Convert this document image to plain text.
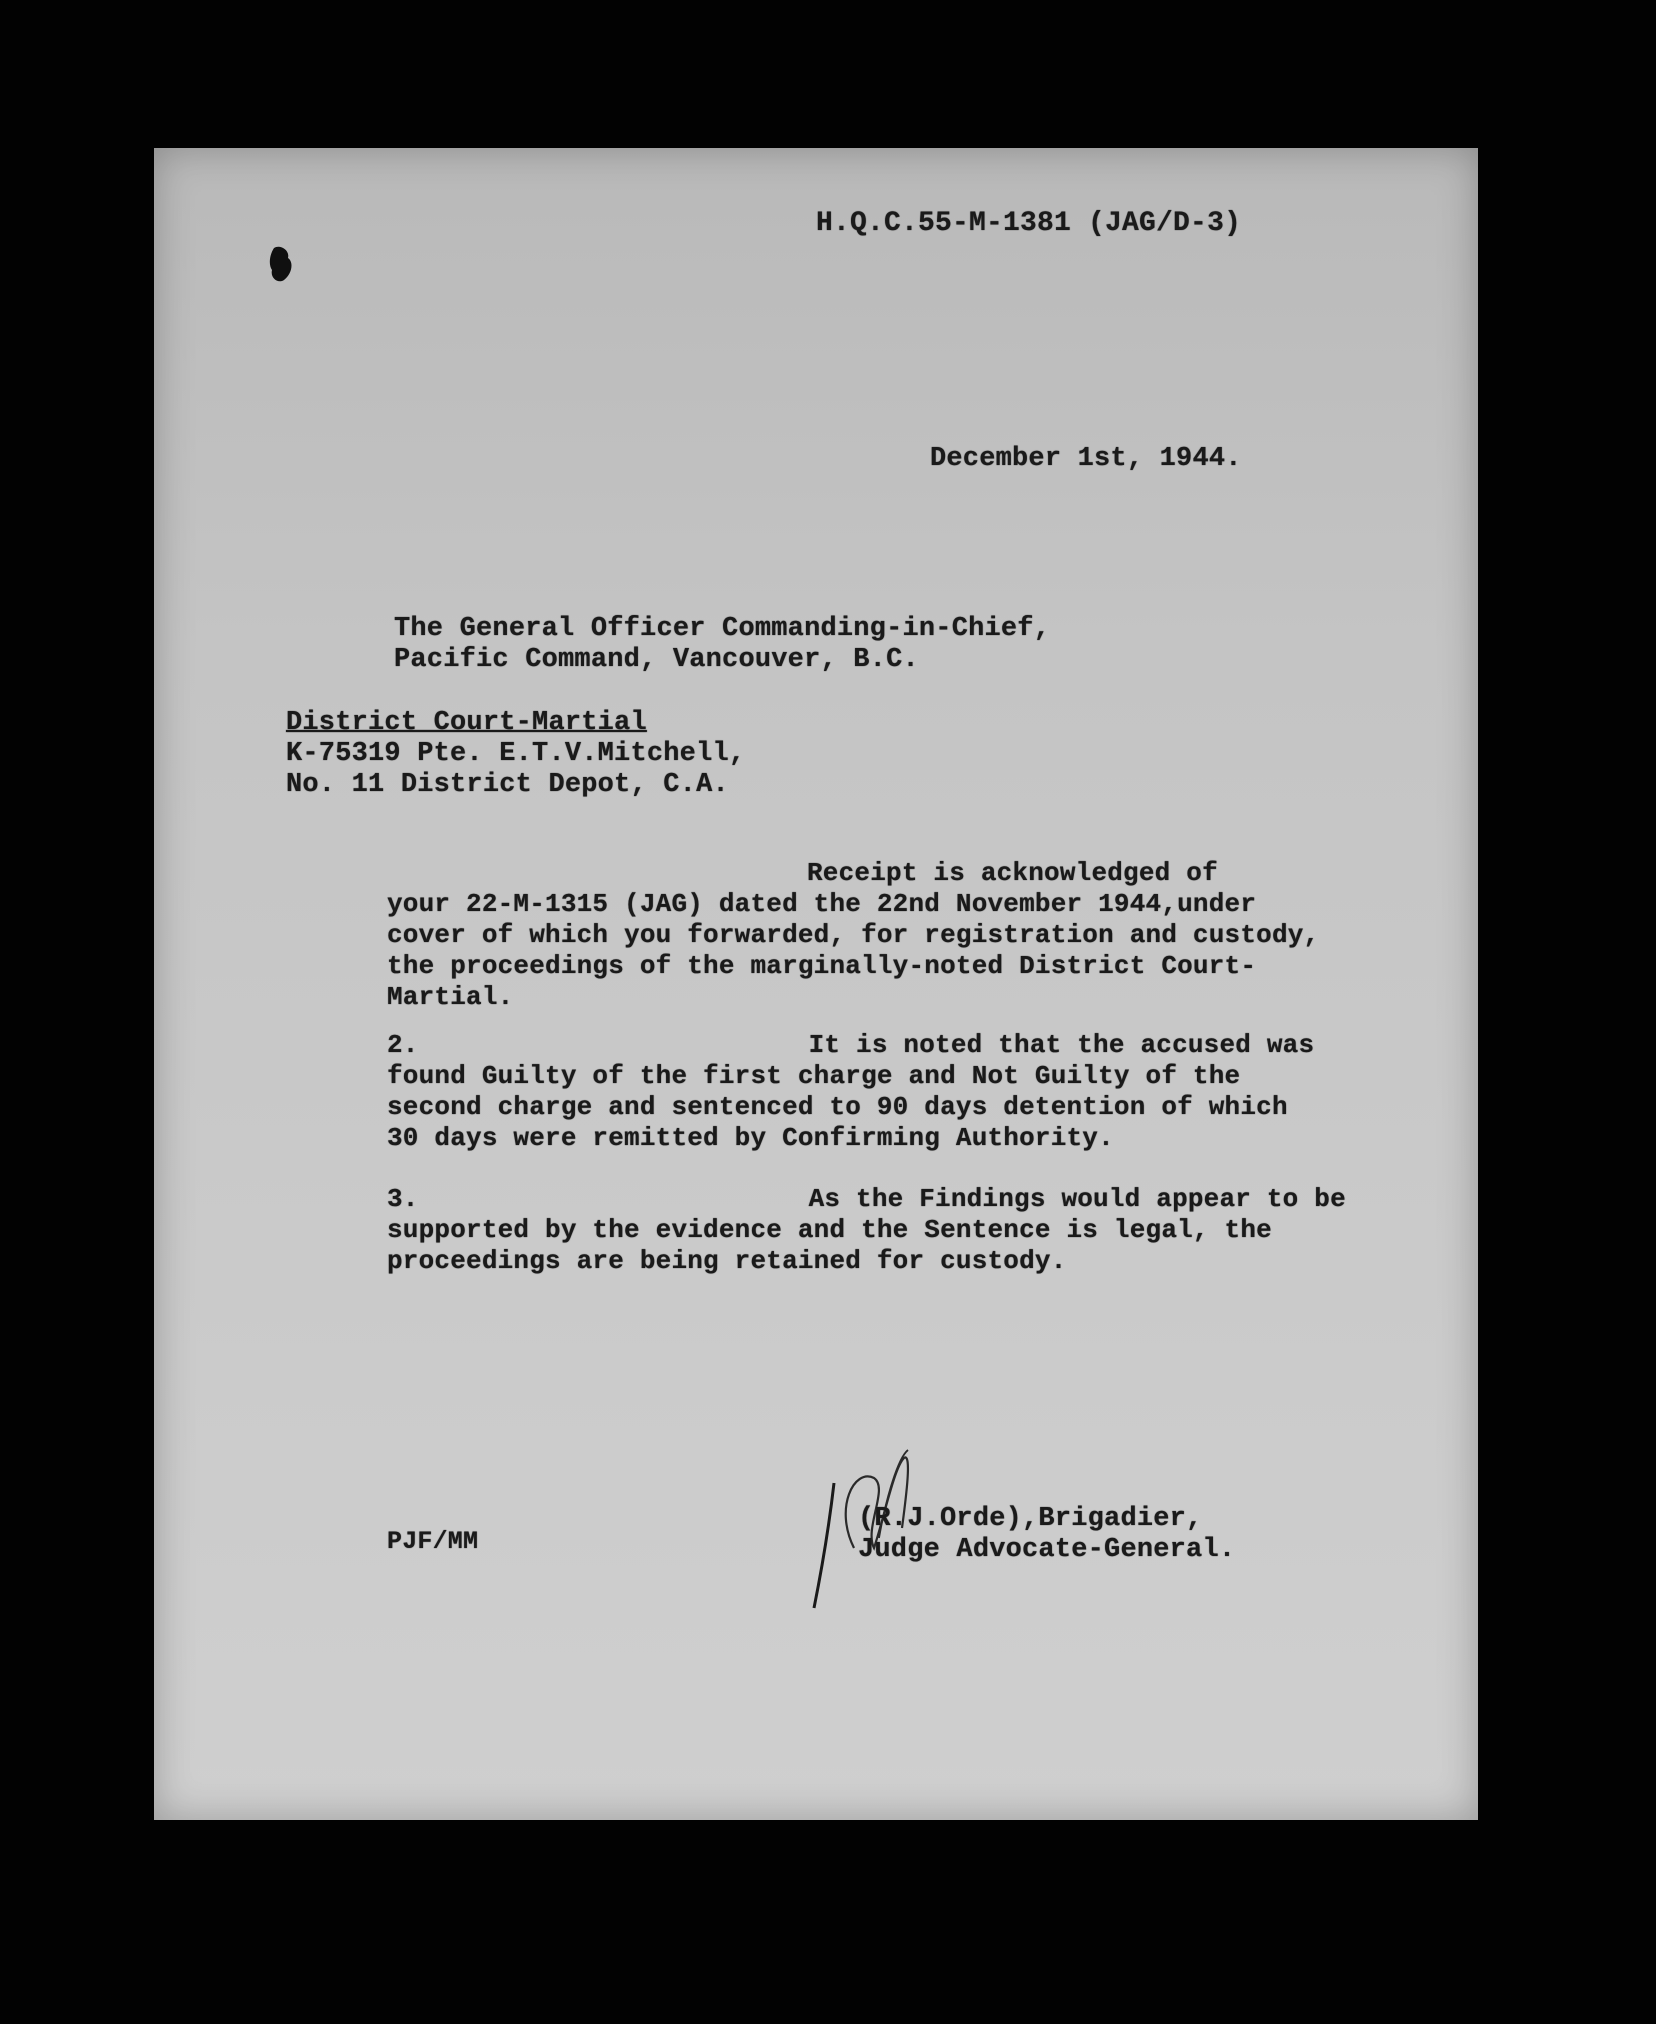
H.Q.C.55-M-1381 (JAG/D-3)
December 1st, 1944.
The General Officer Commanding-in-Chief,
Pacific Command, Vancouver, B.C.
District Court-Martial
K-75319 Pte. E.T.V.Mitchell,
No. 11 District Depot, C.A.
Receipt is acknowledged of
your 22-M-1315 (JAG) dated the 22nd November 1944,under
cover of which you forwarded, for registration and custody,
the proceedings of the marginally-noted District Court-
Martial.
2.	It is noted that the accused was
found Guilty of the first charge and Not Guilty of the
second charge and sentenced to 90 days detention of which
30 days were remitted by Confirming Authority.
3.	As the Findings would appear to be
supported by the evidence and the Sentence is legal, the
proceedings are being retained for custody.
PJF/MM
(R.J.Orde),Brigadier,
Judge Advocate-General.
